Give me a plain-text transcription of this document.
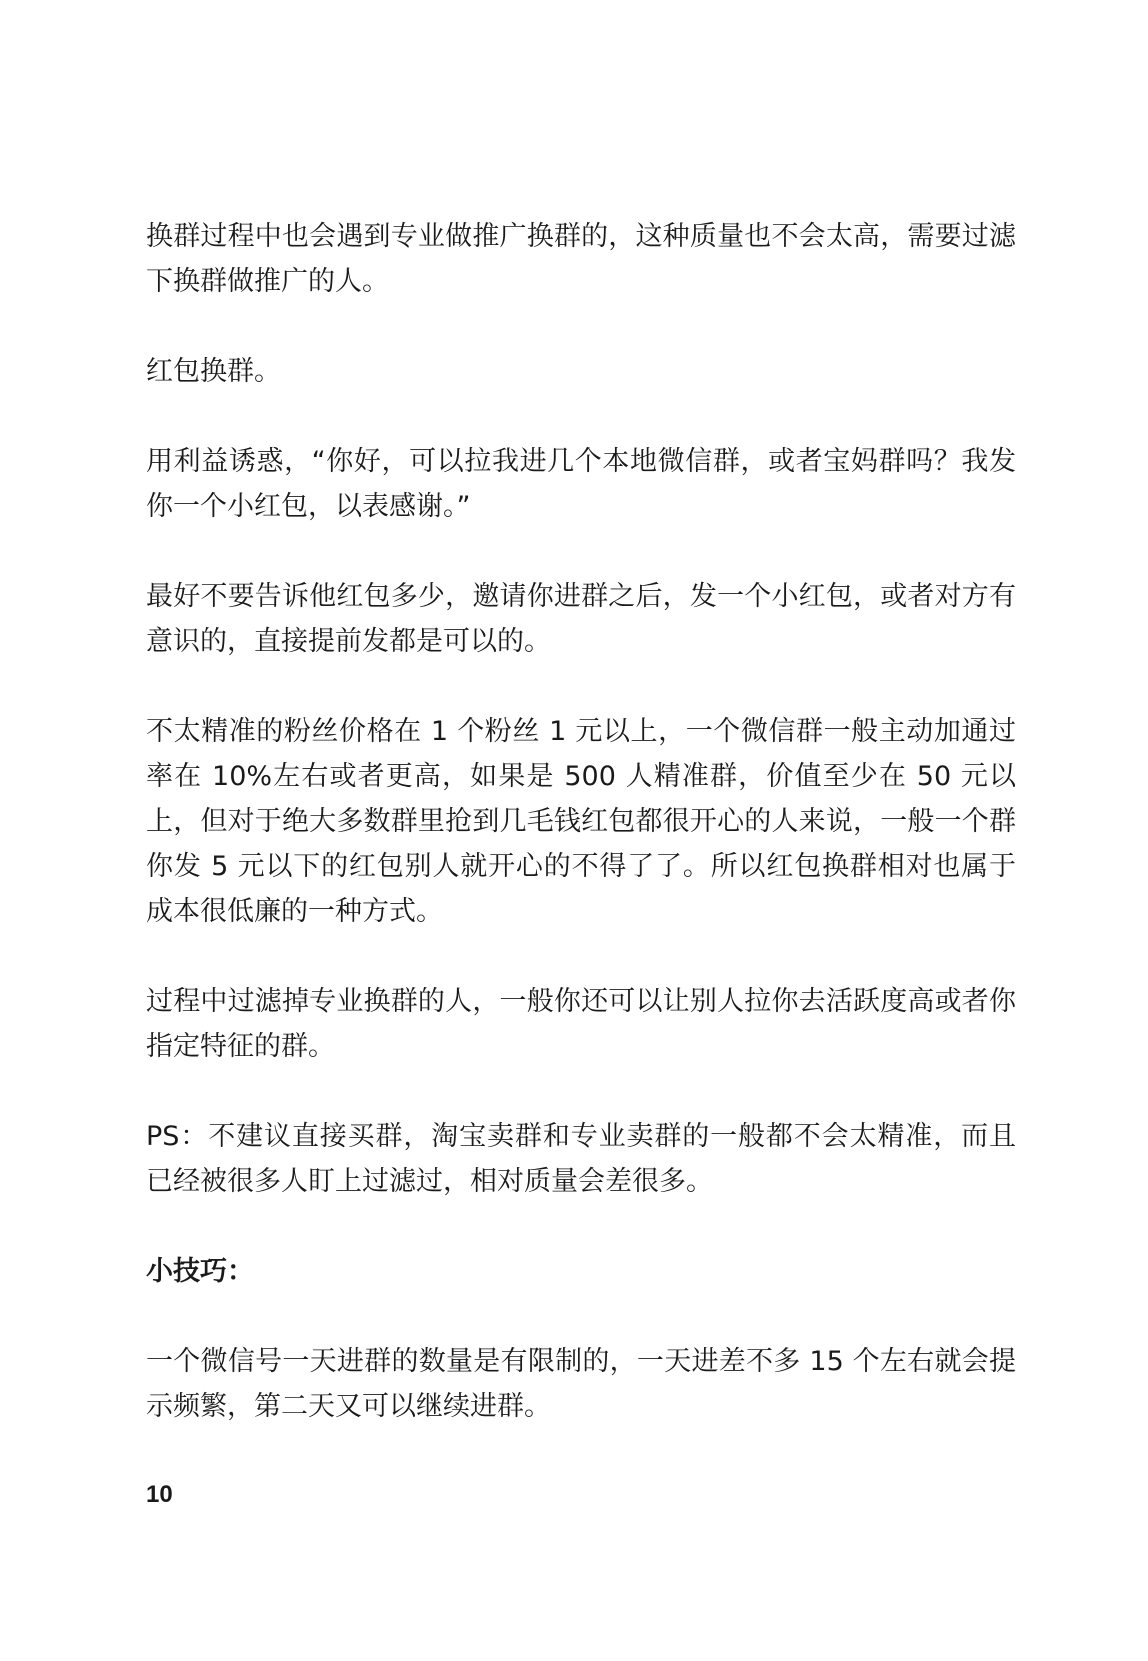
换群过程中也会遇到专业做推广换群的，这种质量也不会太高，需要过滤下换群做推广的人。

红包换群。

用利益诱惑，“你好，可以拉我进几个本地微信群，或者宝妈群吗？我发你一个小红包，以表感谢。”

最好不要告诉他红包多少，邀请你进群之后，发一个小红包，或者对方有意识的，直接提前发都是可以的。

不太精准的粉丝价格在 1 个粉丝 1 元以上，一个微信群一般主动加通过率在 10%左右或者更高，如果是 500 人精准群，价值至少在 50 元以上，但对于绝大多数群里抢到几毛钱红包都很开心的人来说，一般一个群你发 5 元以下的红包别人就开心的不得了了。所以红包换群相对也属于成本很低廉的一种方式。

过程中过滤掉专业换群的人，一般你还可以让别人拉你去活跃度高或者你指定特征的群。

PS：不建议直接买群，淘宝卖群和专业卖群的一般都不会太精准，而且已经被很多人盯上过滤过，相对质量会差很多。

小技巧：

一个微信号一天进群的数量是有限制的，一天进差不多 15 个左右就会提示频繁，第二天又可以继续进群。

10
